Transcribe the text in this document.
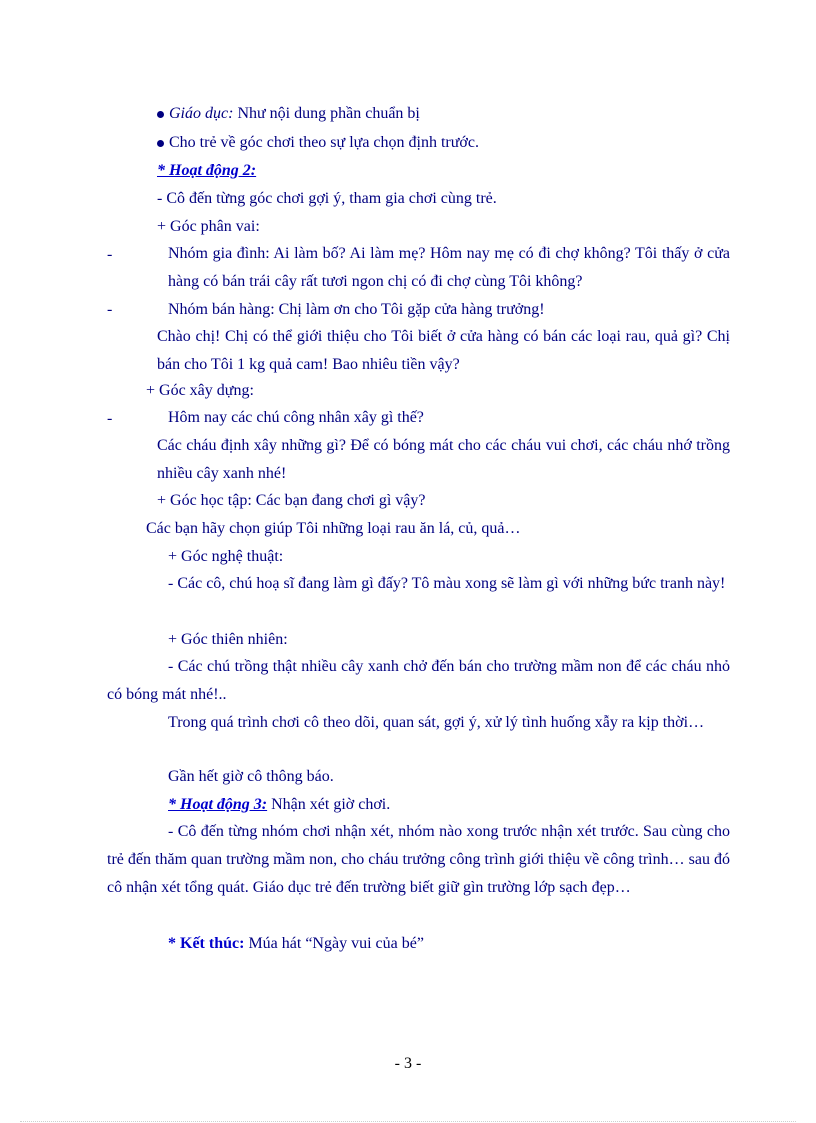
Giáo dục: Như nội dung phần chuẩn bị
Cho trẻ về góc chơi theo sự lựa chọn định trước.
* Hoạt động 2:
- Cô đến từng góc chơi gợi ý, tham gia chơi cùng trẻ.
+ Góc phân vai:
-	Nhóm gia đình: Ai làm bố? Ai làm mẹ? Hôm nay mẹ có đi chợ không? Tôi thấy ở cửa hàng có bán trái cây rất tươi ngon chị có đi chợ cùng Tôi không?
-	Nhóm bán hàng: Chị làm ơn cho Tôi gặp cửa hàng trưởng!
Chào chị! Chị có thể giới thiệu cho Tôi biết ở cửa hàng có bán các loại rau, quả gì? Chị bán cho Tôi 1 kg quả cam! Bao nhiêu tiền vậy?
+ Góc xây dựng:
-	Hôm nay các chú công nhân xây gì thế?
Các cháu định xây những gì? Để có bóng mát cho các cháu vui chơi, các cháu nhớ trồng nhiều cây xanh nhé!
+ Góc học tập: Các bạn đang chơi gì vậy?
Các bạn hãy chọn giúp Tôi những loại rau ăn lá, củ, quả…
+ Góc nghệ thuật:
- Các cô, chú hoạ sĩ đang làm gì đấy? Tô màu xong sẽ làm gì với những bức tranh này!
+ Góc thiên nhiên:
- Các chú trồng thật nhiều cây xanh chở đến bán cho trường mầm non để các cháu nhỏ có bóng mát nhé!..
Trong quá trình chơi cô theo dõi, quan sát, gợi ý, xử lý tình huống xẫy ra kịp thời…
Gần hết giờ cô thông báo.
* Hoạt động 3: Nhận xét giờ chơi.
- Cô đến từng nhóm chơi nhận xét, nhóm nào xong trước nhận xét trước. Sau cùng cho trẻ đến thăm quan trường mầm non, cho cháu trưởng công trình giới thiệu về công trình… sau đó cô nhận xét tổng quát. Giáo dục trẻ đến trường biết giữ gìn trường lớp sạch đẹp…
* Kết thúc: Múa hát “Ngày vui của bé”
- 3 -
